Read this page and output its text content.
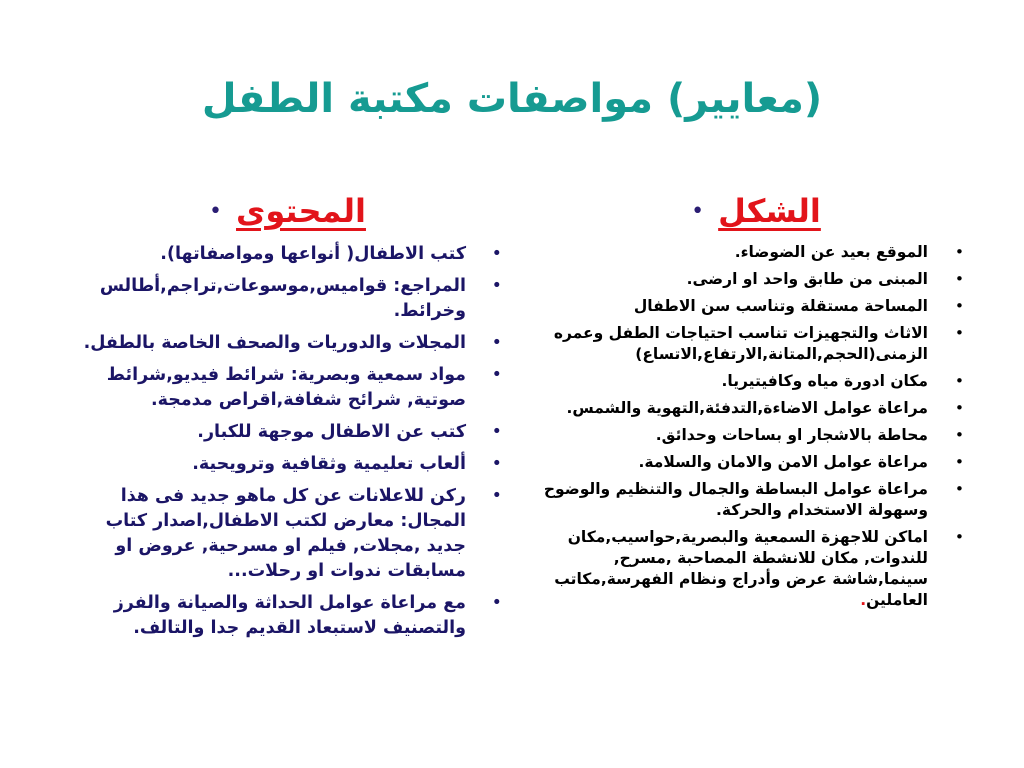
(معايير) مواصفات مكتبة الطفل
الشكل
•
•
الموقع بعيد عن الضوضاء.
•
المبنى من طابق واحد او ارضى.
•
المساحة مستقلة وتناسب سن الاطفال
•
الاثاث والتجهيزات تناسب احتياجات الطفل وعمره الزمنى(الحجم,المتانة,الارتفاع,الاتساع)
•
مكان ادورة مياه وكافيتيريا.
•
مراعاة عوامل الاضاءة,التدفئة,التهوية والشمس.
•
محاطة بالاشجار او بساحات وحدائق.
•
مراعاة عوامل الامن والامان والسلامة.
•
مراعاة عوامل البساطة والجمال والتنظيم والوضوح وسهولة الاستخدام والحركة.
•
اماكن للاجهزة السمعية والبصرية,حواسيب,مكان للندوات, مكان للانشطة المصاحبة ,مسرح, سينما,شاشة عرض وأدراج ونظام الفهرسة,مكاتب العاملين.
المحتوى
•
•
كتب الاطفال( أنواعها ومواصفاتها).
•
المراجع: قواميس,موسوعات,تراجم,أطالس وخرائط.
•
المجلات والدوريات والصحف الخاصة بالطفل.
•
مواد سمعية وبصرية: شرائط فيديو,شرائط صوتية, شرائح شفافة,اقراص مدمجة.
•
كتب عن الاطفال موجهة للكبار.
•
ألعاب تعليمية وثقافية وترويحية.
•
ركن للاعلانات عن كل ماهو جديد فى هذا المجال: معارض لكتب الاطفال,اصدار كتاب جديد ,مجلات, فيلم او مسرحية, عروض او مسابقات ندوات او رحلات...
•
مع مراعاة عوامل الحداثة والصيانة والفرز والتصنيف لاستبعاد القديم جدا والتالف.
